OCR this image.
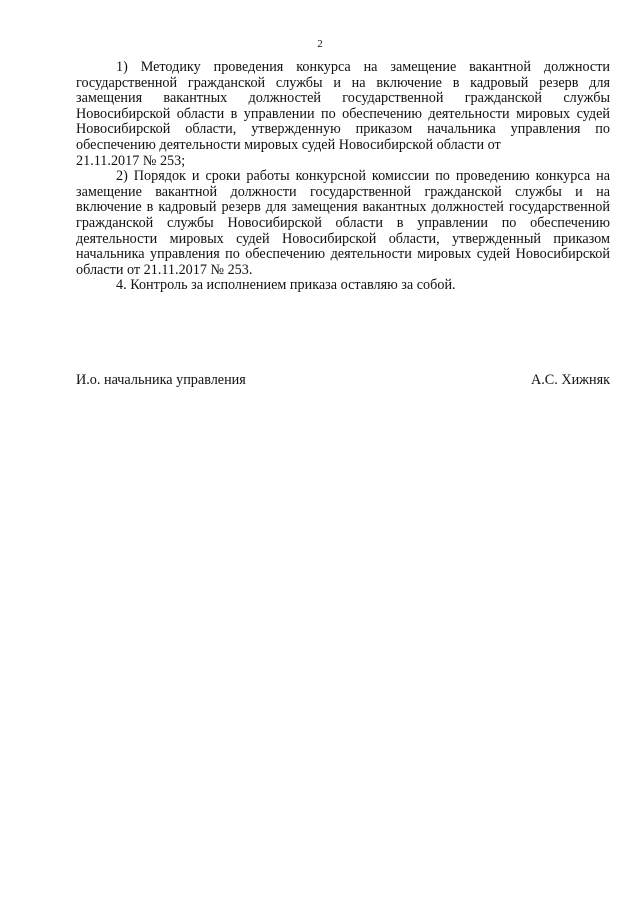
2

1) Методику проведения конкурса на замещение вакантной должности государственной гражданской службы и на включение в кадровый резерв для замещения вакантных должностей государственной гражданской службы Новосибирской области в управлении по обеспечению деятельности мировых судей Новосибирской области, утвержденную приказом начальника управления по обеспечению деятельности мировых судей Новосибирской области от
21.11.2017 № 253;

2) Порядок и сроки работы конкурсной комиссии по проведению конкурса на замещение вакантной должности государственной гражданской службы и на включение в кадровый резерв для замещения вакантных должностей государственной гражданской службы Новосибирской области в управлении по обеспечению деятельности мировых судей Новосибирской области, утвержденный приказом начальника управления по обеспечению деятельности мировых судей Новосибирской области от 21.11.2017 № 253.

4. Контроль за исполнением приказа оставляю за собой.

И.о. начальника управления	А.С. Хижняк
